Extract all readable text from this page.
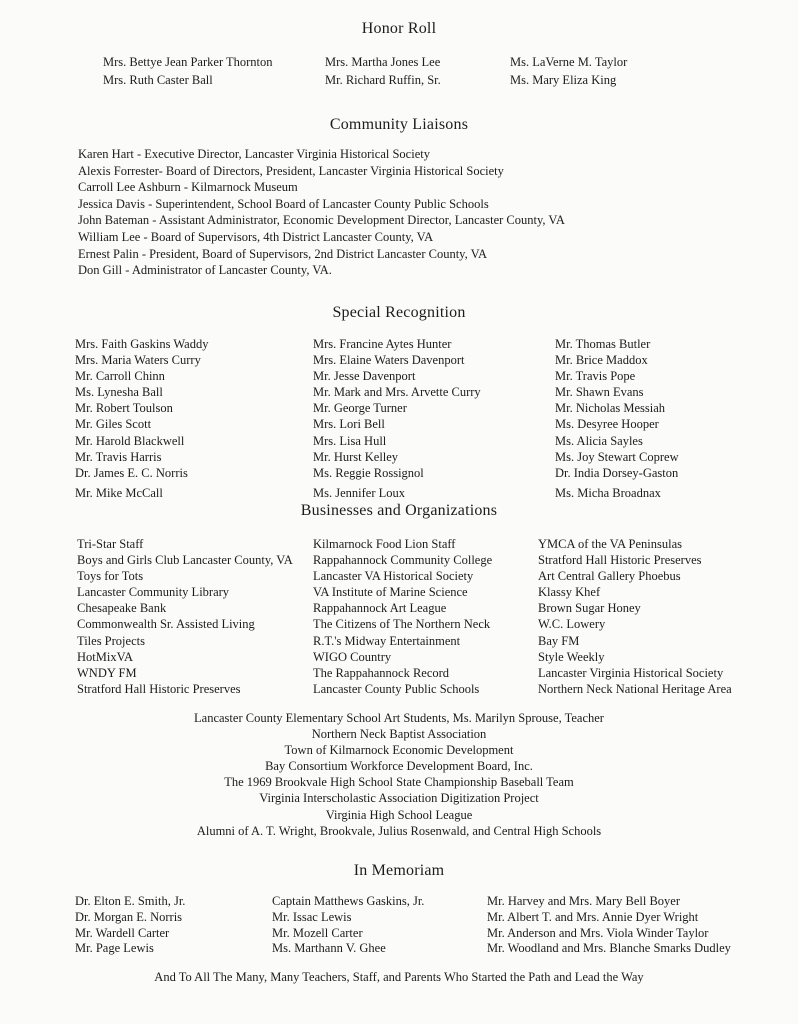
Honor Roll
Mrs. Bettye Jean Parker Thornton
Mrs. Ruth Caster Ball
Mrs. Martha Jones Lee
Mr. Richard Ruffin, Sr.
Ms. LaVerne M. Taylor
Ms. Mary Eliza King
Community Liaisons
Karen Hart - Executive Director, Lancaster Virginia Historical Society
Alexis Forrester- Board of Directors, President, Lancaster Virginia Historical Society
Carroll Lee Ashburn - Kilmarnock Museum
Jessica Davis - Superintendent, School Board of Lancaster County Public Schools
John Bateman - Assistant Administrator, Economic Development Director, Lancaster County, VA
William Lee - Board of Supervisors, 4th District Lancaster County, VA
Ernest Palin - President, Board of Supervisors, 2nd District Lancaster County, VA
Don Gill - Administrator of Lancaster County, VA.
Special Recognition
Mrs. Faith Gaskins Waddy
Mrs. Maria Waters Curry
Mr. Carroll Chinn
Ms. Lynesha Ball
Mr. Robert Toulson
Mr. Giles Scott
Mr. Harold Blackwell
Mr. Travis Harris
Dr. James E. C. Norris
Mr. Mike McCall
Mrs. Francine Aytes Hunter
Mrs. Elaine Waters Davenport
Mr. Jesse Davenport
Mr. Mark and Mrs. Arvette Curry
Mr. George Turner
Mrs. Lori Bell
Mrs. Lisa Hull
Mr. Hurst Kelley
Ms. Reggie Rossignol
Ms. Jennifer Loux
Mr. Thomas Butler
Mr. Brice Maddox
Mr. Travis Pope
Mr. Shawn Evans
Mr. Nicholas Messiah
Ms. Desyree Hooper
Ms. Alicia Sayles
Ms. Joy Stewart Coprew
Dr. India Dorsey-Gaston
Ms. Micha Broadnax
Businesses and Organizations
Tri-Star Staff
Boys and Girls Club Lancaster County, VA
Toys for Tots
Lancaster Community Library
Chesapeake Bank
Commonwealth Sr. Assisted Living
Tiles Projects
HotMixVA
WNDY FM
Stratford Hall Historic Preserves
Kilmarnock Food Lion Staff
Rappahannock Community College
Lancaster VA Historical Society
VA Institute of Marine Science
Rappahannock Art League
The Citizens of The Northern Neck
R.T.'s Midway Entertainment
WIGO Country
The Rappahannock Record
Lancaster County Public Schools
YMCA of the VA Peninsulas
Stratford Hall Historic Preserves
Art Central Gallery Phoebus
Klassy Khef
Brown Sugar Honey
W.C. Lowery
Bay FM
Style Weekly
Lancaster Virginia Historical Society
Northern Neck National Heritage Area
Lancaster County Elementary School Art Students, Ms. Marilyn Sprouse, Teacher
Northern Neck Baptist Association
Town of Kilmarnock Economic Development
Bay Consortium Workforce Development Board, Inc.
The 1969 Brookvale High School State Championship Baseball Team
Virginia Interscholastic Association Digitization Project
Virginia High School League
Alumni of A. T. Wright, Brookvale, Julius Rosenwald, and Central High Schools
In Memoriam
Dr. Elton E. Smith, Jr.
Dr. Morgan E. Norris
Mr. Wardell Carter
Mr. Page Lewis
Captain Matthews Gaskins, Jr.
Mr. Issac Lewis
Mr. Mozell Carter
Ms. Marthann V. Ghee
Mr. Harvey and Mrs. Mary Bell Boyer
Mr. Albert T. and Mrs. Annie Dyer Wright
Mr. Anderson and Mrs. Viola Winder Taylor
Mr. Woodland and Mrs. Blanche Smarks Dudley
And To All The Many, Many Teachers, Staff, and Parents Who Started the Path and Lead the Way
